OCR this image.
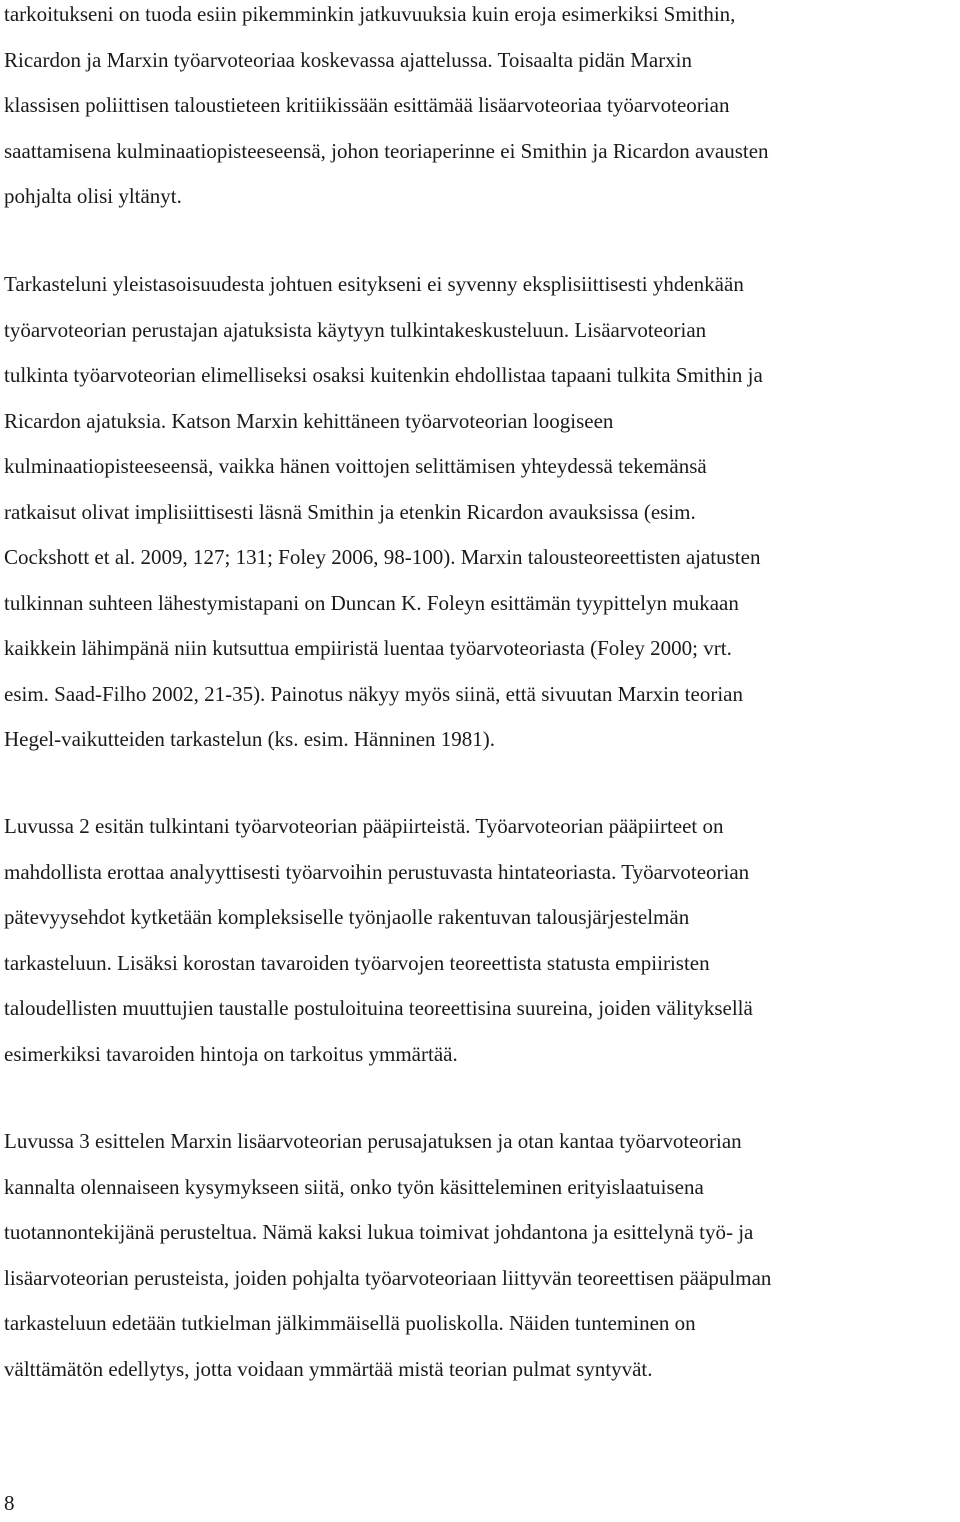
tarkoitukseni on tuoda esiin pikemminkin jatkuvuuksia kuin eroja esimerkiksi Smithin,
Ricardon ja Marxin työarvoteoriaa koskevassa ajattelussa. Toisaalta pidän Marxin
klassisen poliittisen taloustieteen kritiikissään esittämää lisäarvoteoriaa työarvoteorian
saattamisena kulminaatiopisteeseensä, johon teoriaperinne ei Smithin ja Ricardon avausten
pohjalta olisi yltänyt.

Tarkasteluni yleistasoisuudesta johtuen esitykseni ei syvenny eksplisiittisesti yhdenkään
työarvoteorian perustajan ajatuksista käytyyn tulkintakeskusteluun. Lisäarvoteorian
tulkinta työarvoteorian elimelliseksi osaksi kuitenkin ehdollistaa tapaani tulkita Smithin ja
Ricardon ajatuksia. Katson Marxin kehittäneen työarvoteorian loogiseen
kulminaatiopisteeseensä, vaikka hänen voittojen selittämisen yhteydessä tekemänsä
ratkaisut olivat implisiittisesti läsnä Smithin ja etenkin Ricardon avauksissa (esim.
Cockshott et al. 2009, 127; 131; Foley 2006, 98-100). Marxin talousteoreettisten ajatusten
tulkinnan suhteen lähestymistapani on Duncan K. Foleyn esittämän tyypittelyn mukaan
kaikkein lähimpänä niin kutsuttua empiiristä luentaa työarvoteoriasta (Foley 2000; vrt.
esim. Saad-Filho 2002, 21-35). Painotus näkyy myös siinä, että sivuutan Marxin teorian
Hegel-vaikutteiden tarkastelun (ks. esim. Hänninen 1981).

Luvussa 2 esitän tulkintani työarvoteorian pääpiirteistä. Työarvoteorian pääpiirteet on
mahdollista erottaa analyyttisesti työarvoihin perustuvasta hintateoriasta. Työarvoteorian
pätevyysehdot kytketään kompleksiselle työnjaolle rakentuvan talousjärjestelmän
tarkasteluun. Lisäksi korostan tavaroiden työarvojen teoreettista statusta empiiristen
taloudellisten muuttujien taustalle postuloituina teoreettisina suureina, joiden välityksellä
esimerkiksi tavaroiden hintoja on tarkoitus ymmärtää.

Luvussa 3 esittelen Marxin lisäarvoteorian perusajatuksen ja otan kantaa työarvoteorian
kannalta olennaiseen kysymykseen siitä, onko työn käsitteleminen erityislaatuisena
tuotannontekijänä perusteltua. Nämä kaksi lukua toimivat johdantona ja esittelynä työ- ja
lisäarvoteorian perusteista, joiden pohjalta työarvoteoriaan liittyvän teoreettisen pääpulman
tarkasteluun edetään tutkielman jälkimmäisellä puoliskolla. Näiden tunteminen on
välttämätön edellytys, jotta voidaan ymmärtää mistä teorian pulmat syntyvät.

8
